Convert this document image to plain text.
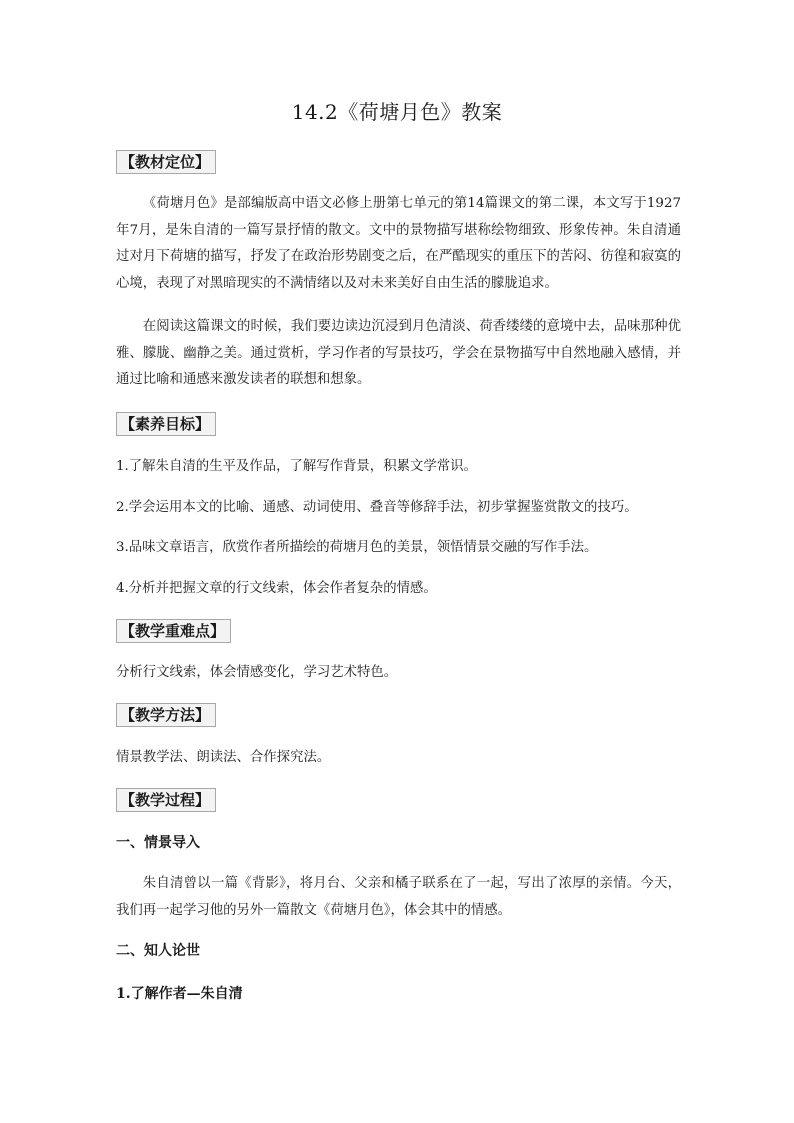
14.2《荷塘月色》教案
【教材定位】
《荷塘月色》是部编版高中语文必修上册第七单元的第14篇课文的第二课，本文写于1927年7月，是朱自清的一篇写景抒情的散文。文中的景物描写堪称绘物细致、形象传神。朱自清通过对月下荷塘的描写，抒发了在政治形势剧变之后，在严酷现实的重压下的苦闷、彷徨和寂寞的心境，表现了对黑暗现实的不满情绪以及对未来美好自由生活的朦胧追求。
在阅读这篇课文的时候，我们要边读边沉浸到月色清淡、荷香缕缕的意境中去，品味那种优雅、朦胧、幽静之美。通过赏析，学习作者的写景技巧，学会在景物描写中自然地融入感情，并通过比喻和通感来激发读者的联想和想象。
【素养目标】
1.了解朱自清的生平及作品，了解写作背景，积累文学常识。
2.学会运用本文的比喻、通感、动词使用、叠音等修辞手法，初步掌握鉴赏散文的技巧。
3.品味文章语言，欣赏作者所描绘的荷塘月色的美景，领悟情景交融的写作手法。
4.分析并把握文章的行文线索，体会作者复杂的情感。
【教学重难点】
分析行文线索，体会情感变化，学习艺术特色。
【教学方法】
情景教学法、朗读法、合作探究法。
【教学过程】
一、情景导入
朱自清曾以一篇《背影》，将月台、父亲和橘子联系在了一起，写出了浓厚的亲情。今天，我们再一起学习他的另外一篇散文《荷塘月色》，体会其中的情感。
二、知人论世
1.了解作者—朱自清
